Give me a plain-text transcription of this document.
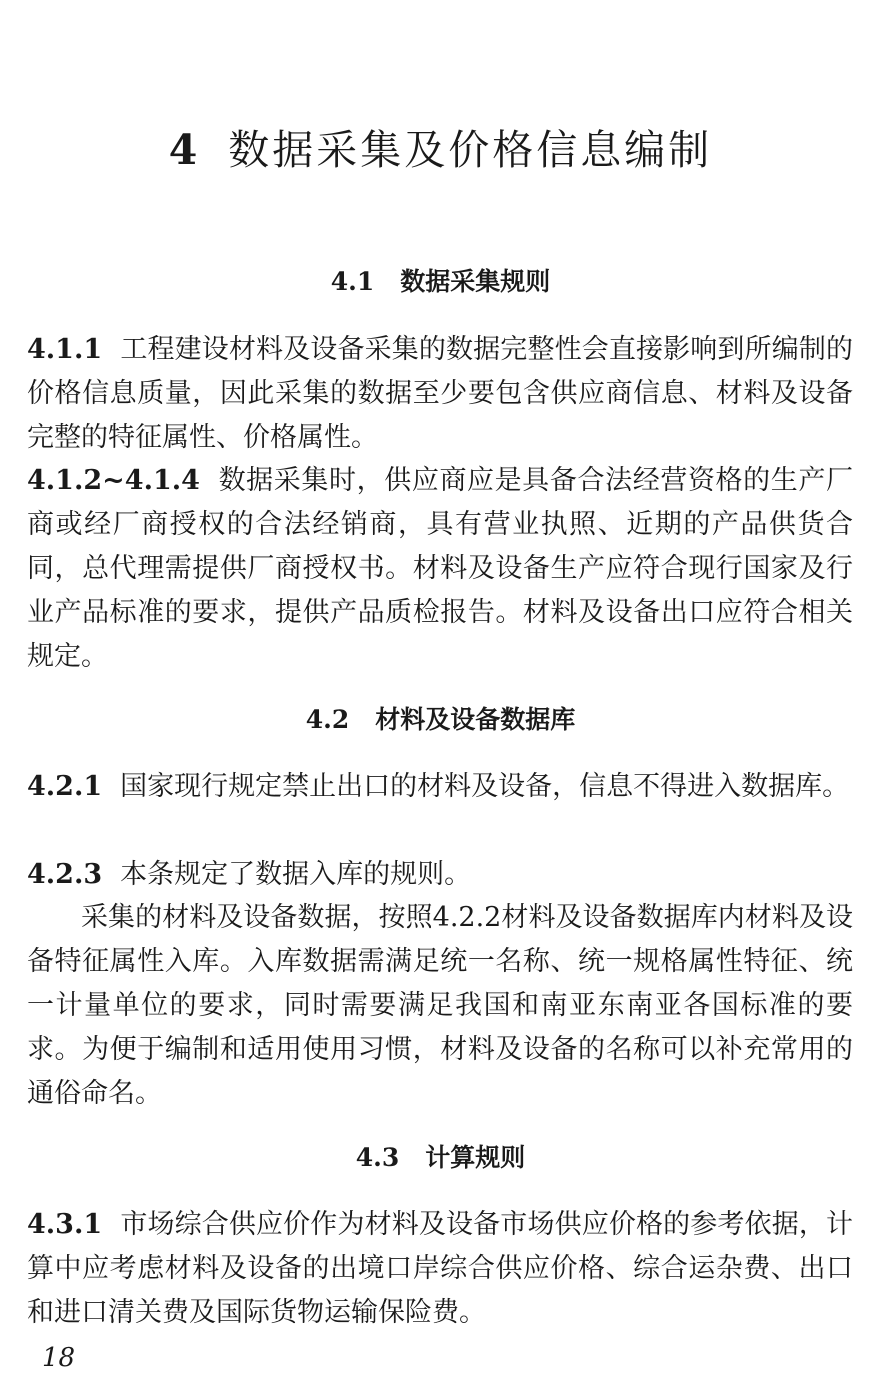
4 数据采集及价格信息编制
4.1 数据采集规则

4.1.1 工程建设材料及设备采集的数据完整性会直接影响到所编制的价格信息质量，因此采集的数据至少要包含供应商信息、材料及设备完整的特征属性、价格属性。

4.1.2~4.1.4 数据采集时，供应商应是具备合法经营资格的生产厂商或经厂商授权的合法经销商，具有营业执照、近期的产品供货合同，总代理需提供厂商授权书。材料及设备生产应符合现行国家及行业产品标准的要求，提供产品质检报告。材料及设备出口应符合相关规定。

4.2 材料及设备数据库

4.2.1 国家现行规定禁止出口的材料及设备，信息不得进入数据库。

4.2.3 本条规定了数据入库的规则。

采集的材料及设备数据，按照4.2.2材料及设备数据库内材料及设备特征属性入库。入库数据需满足统一名称、统一规格属性特征、统一计量单位的要求，同时需要满足我国和南亚东南亚各国标准的要求。为便于编制和适用使用习惯，材料及设备的名称可以补充常用的通俗命名。

4.3 计算规则

4.3.1 市场综合供应价作为材料及设备市场供应价格的参考依据，计算中应考虑材料及设备的出境口岸综合供应价格、综合运杂费、出口和进口清关费及国际货物运输保险费。

18
